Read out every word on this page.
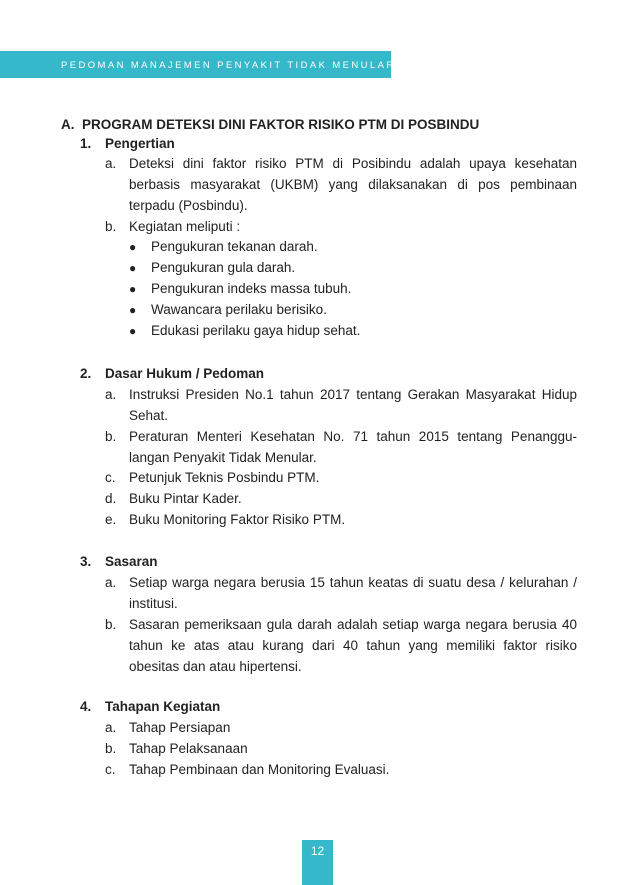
PEDOMAN MANAJEMEN PENYAKIT TIDAK MENULAR
A. PROGRAM DETEKSI DINI FAKTOR RISIKO PTM DI POSBINDU
1. Pengertian
a. Deteksi dini faktor risiko PTM di Posibindu adalah upaya kesehatan berbasis masyarakat (UKBM) yang dilaksanakan di pos pembinaan terpadu (Posbindu).
b. Kegiatan meliputi :
● Pengukuran tekanan darah.
● Pengukuran gula darah.
● Pengukuran indeks massa tubuh.
● Wawancara perilaku berisiko.
● Edukasi perilaku gaya hidup sehat.
2. Dasar Hukum / Pedoman
a. Instruksi Presiden No.1 tahun 2017 tentang Gerakan Masyarakat Hidup Sehat.
b. Peraturan Menteri Kesehatan No. 71 tahun 2015 tentang Penanggu-langan Penyakit Tidak Menular.
c. Petunjuk Teknis Posbindu PTM.
d. Buku Pintar Kader.
e. Buku Monitoring Faktor Risiko PTM.
3. Sasaran
a. Setiap warga negara berusia 15 tahun keatas di suatu desa / kelurahan / institusi.
b. Sasaran pemeriksaan gula darah adalah setiap warga negara berusia 40 tahun ke atas atau kurang dari 40 tahun yang memiliki faktor risiko obesitas dan atau hipertensi.
4. Tahapan Kegiatan
a. Tahap Persiapan
b. Tahap Pelaksanaan
c. Tahap Pembinaan dan Monitoring Evaluasi.
12
